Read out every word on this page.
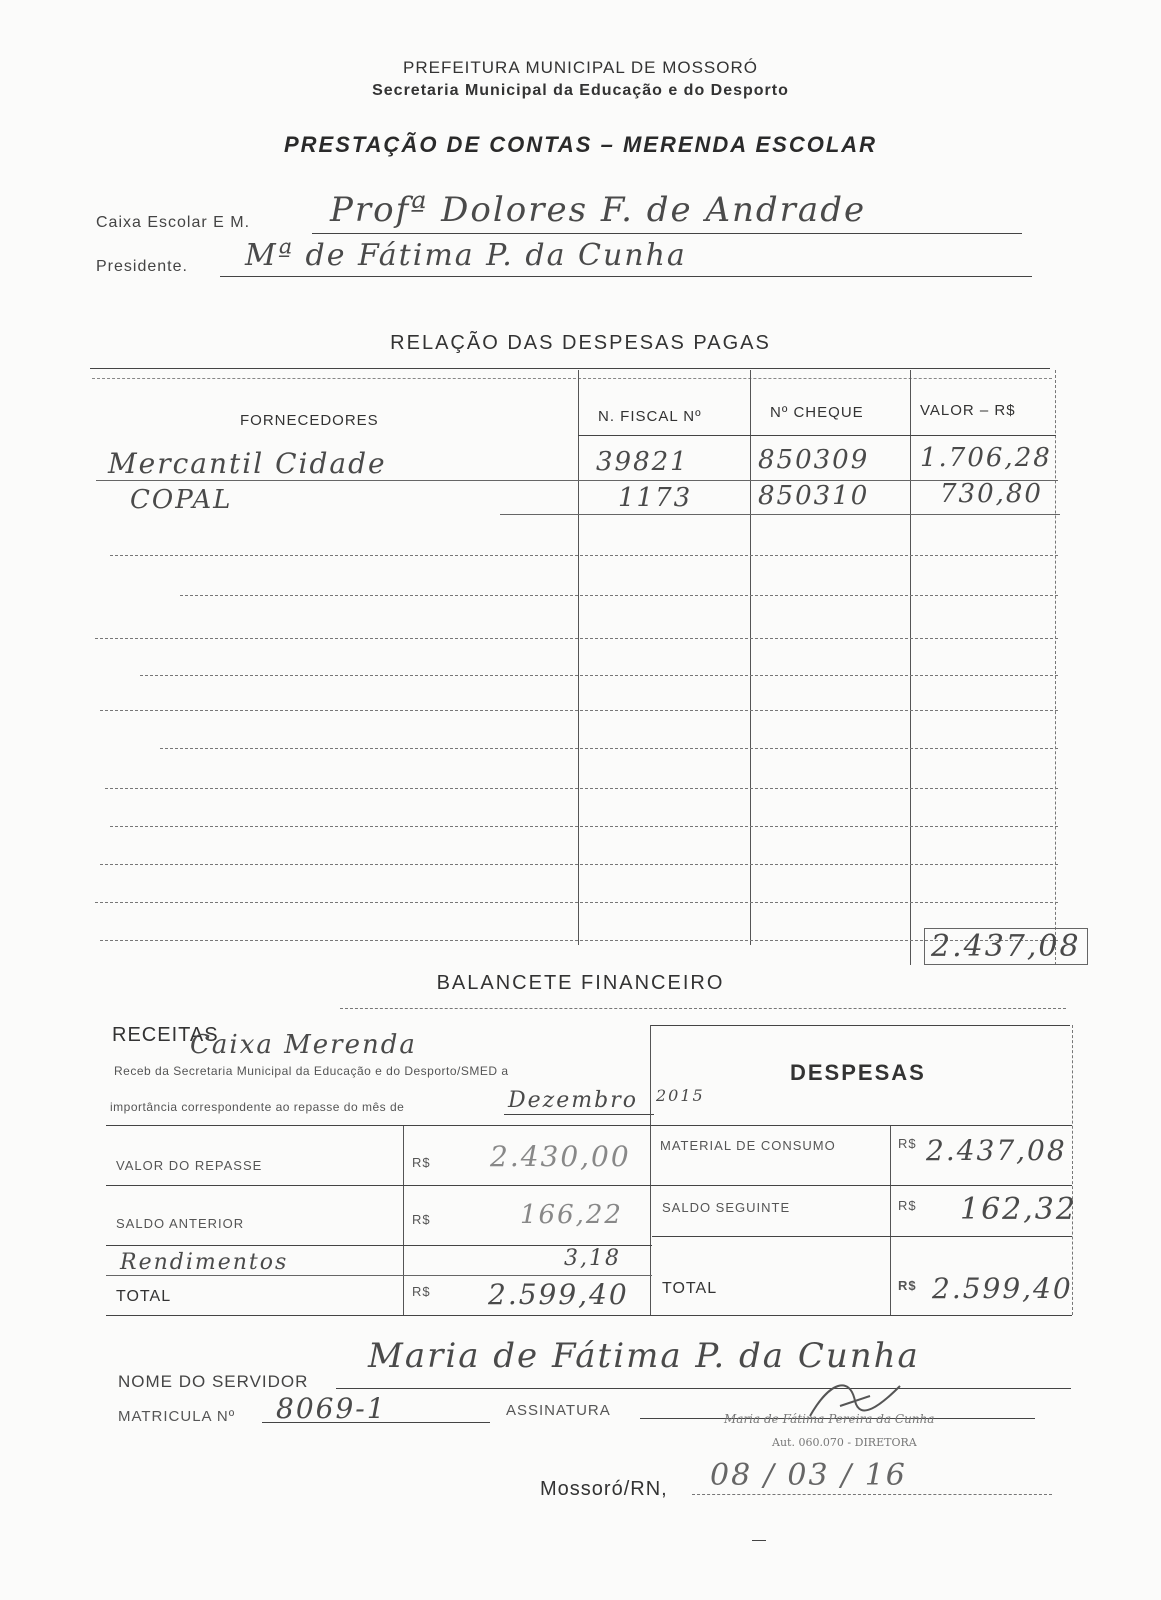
PREFEITURA MUNICIPAL DE MOSSORÓ
Secretaria Municipal da Educação e do Desporto
PRESTAÇÃO DE CONTAS – MERENDA ESCOLAR
Caixa Escolar E M. Profª Dolores F. de Andrade
Presidente. Mª de Fátima P. da Cunha
RELAÇÃO DAS DESPESAS PAGAS
FORNECEDORES	N. FISCAL Nº	Nº CHEQUE	VALOR – R$
Mercantil Cidade	39821	850309 1.706,28
COPAL	1173	850310	730,80
2.437,08
BALANCETE FINANCEIRO
RECEITAS
Caixa Merenda
Receb da Secretaria Municipal da Educação e do Desporto/SMED a
importância correspondente ao repasse do mês de	Dezembro 2015
DESPESAS
VALOR DO REPASSE	R$ 2.430,00
SALDO ANTERIOR	R$	166,22
Rendimentos	3,18
TOTAL	R$ 2.599,40
MATERIAL DE CONSUMO	R$ 2.437,08
SALDO SEGUINTE	R$ 162,32
TOTAL	R$ 2.599,40
NOME DO SERVIDOR
Maria de Fátima P. da Cunha
MATRICULA Nº 8069-1	ASSINATURA	Maria de Fátima Pereira da Cunha
Aut. 060.070 - DIRETORA
Mossoró/RN, 08 / 03 / 16
